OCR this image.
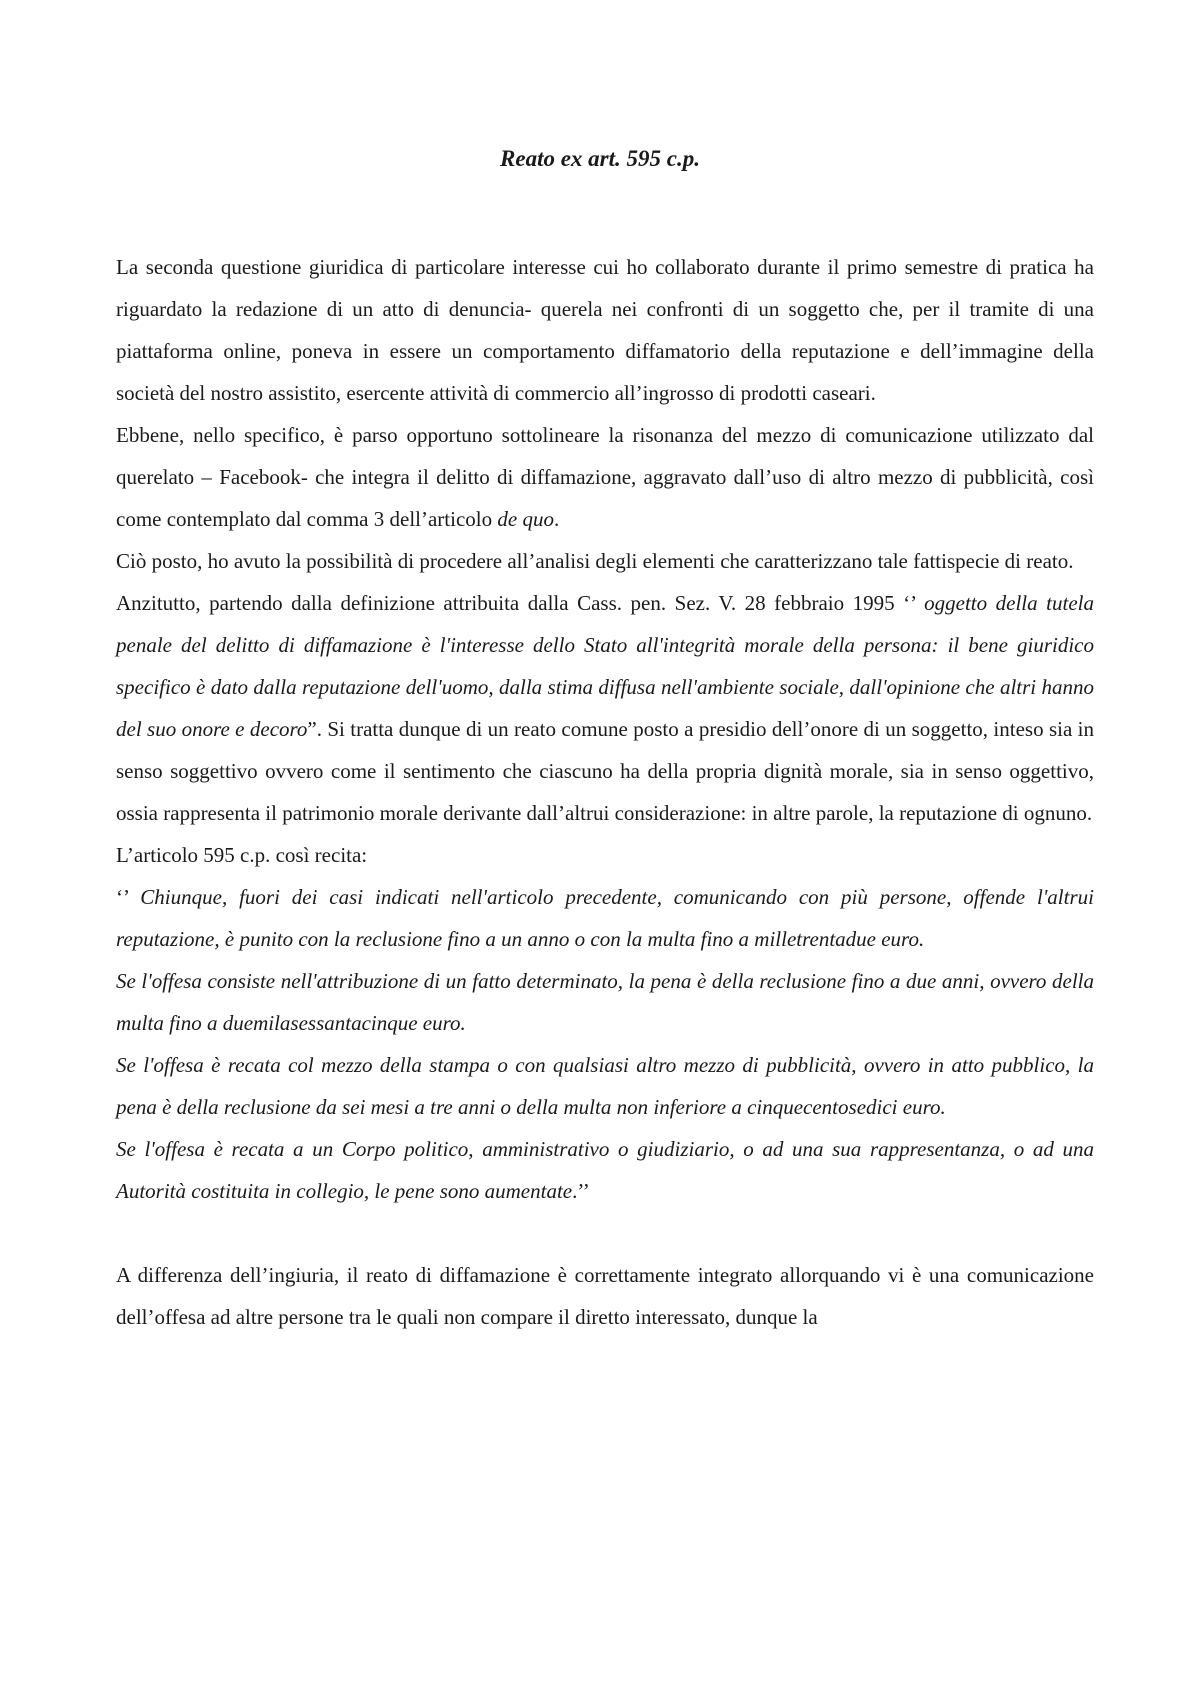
Reato ex art. 595 c.p.

La seconda questione giuridica di particolare interesse cui ho collaborato durante il primo semestre di pratica ha riguardato la redazione di un atto di denuncia- querela nei confronti di un soggetto che, per il tramite di una piattaforma online, poneva in essere un comportamento diffamatorio della reputazione e dell’immagine della società del nostro assistito, esercente attività di commercio all’ingrosso di prodotti caseari.

Ebbene, nello specifico, è parso opportuno sottolineare la risonanza del mezzo di comunicazione utilizzato dal querelato – Facebook- che integra il delitto di diffamazione, aggravato dall’uso di altro mezzo di pubblicità, così come contemplato dal comma 3 dell’articolo de quo.

Ciò posto, ho avuto la possibilità di procedere all’analisi degli elementi che caratterizzano tale fattispecie di reato.

Anzitutto, partendo dalla definizione attribuita dalla Cass. pen. Sez. V. 28 febbraio 1995 ‘’ oggetto della tutela penale del delitto di diffamazione è l'interesse dello Stato all'integrità morale della persona: il bene giuridico specifico è dato dalla reputazione dell'uomo, dalla stima diffusa nell'ambiente sociale, dall'opinione che altri hanno del suo onore e decoro”. Si tratta dunque di un reato comune posto a presidio dell’onore di un soggetto, inteso sia in senso soggettivo ovvero come il sentimento che ciascuno ha della propria dignità morale, sia in senso oggettivo, ossia rappresenta il patrimonio morale derivante dall’altrui considerazione: in altre parole, la reputazione di ognuno.

L’articolo 595 c.p. così recita:

‘’ Chiunque, fuori dei casi indicati nell'articolo precedente, comunicando con più persone, offende l'altrui reputazione, è punito con la reclusione fino a un anno o con la multa fino a milletrentadue euro.

Se l'offesa consiste nell'attribuzione di un fatto determinato, la pena è della reclusione fino a due anni, ovvero della multa fino a duemilasessantacinque euro.

Se l'offesa è recata col mezzo della stampa o con qualsiasi altro mezzo di pubblicità, ovvero in atto pubblico, la pena è della reclusione da sei mesi a tre anni o della multa non inferiore a cinquecentosedici euro.

Se l'offesa è recata a un Corpo politico, amministrativo o giudiziario, o ad una sua rappresentanza, o ad una Autorità costituita in collegio, le pene sono aumentate.’’

A differenza dell’ingiuria, il reato di diffamazione è correttamente integrato allorquando vi è una comunicazione dell’offesa ad altre persone tra le quali non compare il diretto interessato, dunque la
